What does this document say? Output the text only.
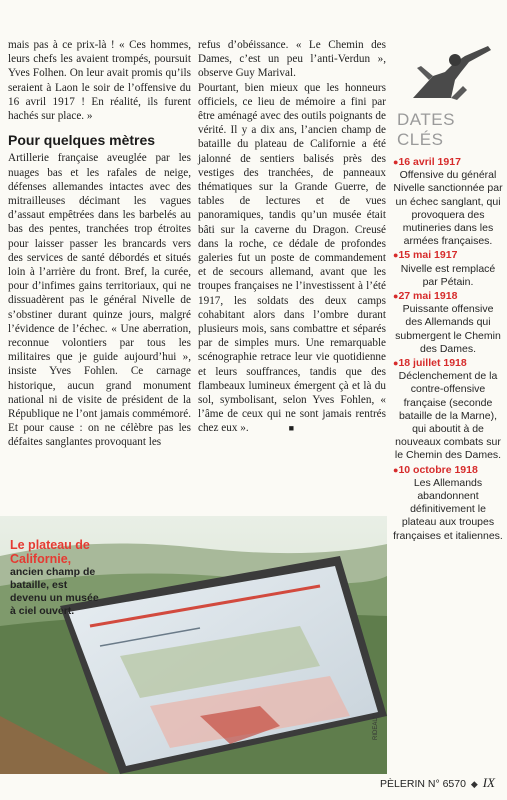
mais pas à ce prix-là ! « Ces hommes, leurs chefs les avaient trompés, poursuit Yves Folhen. On leur avait promis qu’ils seraient à Laon le soir de l’offensive du 16 avril 1917 ! En réalité, ils furent hachés sur place. »

Pour quelques mètres

Artillerie française aveuglée par les nuages bas et les rafales de neige, défenses allemandes intactes avec des mitrailleuses décimant les vagues d’assaut empêtrées dans les barbelés au bas des pentes, tranchées trop étroites pour laisser passer les brancards vers des services de santé débordés et situés loin à l’arrière du front. Bref, la curée, pour d’infimes gains territoriaux, qui ne dissuadèrent pas le général Nivelle de s’obstiner durant quinze jours, malgré l’évidence de l’échec. « Une aberration, reconnue volontiers par tous les militaires que je guide aujourd’hui », insiste Yves Fohlen. Ce carnage historique, aucun grand monument national ni de visite de président de la République ne l’ont jamais commémoré. Et pour cause : on ne célèbre pas les défaites sanglantes provoquant les

refus d’obéissance. « Le Chemin des Dames, c’est un peu l’anti-Verdun », observe Guy Marival.

Pourtant, bien mieux que les honneurs officiels, ce lieu de mémoire a fini par être aménagé avec des outils poignants de vérité. Il y a dix ans, l’ancien champ de bataille du plateau de Californie a été jalonné de sentiers balisés près des vestiges des tranchées, de panneaux thématiques sur la Grande Guerre, de tables de lectures et de vues panoramiques, tandis qu’un musée était bâti sur la caverne du Dragon. Creusé dans la roche, ce dédale de profondes galeries fut un poste de commandement et de secours allemand, avant que les troupes françaises ne l’investissent à l’été 1917, les soldats des deux camps cohabitant alors dans l’ombre durant plusieurs mois, sans combattre et séparés par de simples murs. Une remarquable scénographie retrace leur vie quotidienne et leurs souffrances, tandis que des flambeaux lumineux émergent çà et là du sol, symbolisant, selon Yves Fohlen, « l’âme de ceux qui ne sont jamais rentrés chez eux ».	■

DATES CLÉS
● 16 avril 1917
Offensive du général Nivelle sanctionnée par un échec sanglant, qui provoquera des mutineries dans les armées françaises.
● 15 mai 1917
Nivelle est remplacé par Pétain.
● 27 mai 1918
Puissante offensive des Allemands qui submergent le Chemin des Dames.
● 18 juillet 1918
Déclenchement de la contre-offensive française (seconde bataille de la Marne), qui aboutit à de nouveaux combats sur le Chemin des Dames.
● 10 octobre 1918
Les Allemands abandonnent définitivement le plateau aux troupes françaises et italiennes.
Le plateau de Californie,
ancien champ de bataille, est devenu un musée à ciel ouvert.
RIDEAU
PÈLERIN N° 6570 ◆ IX
